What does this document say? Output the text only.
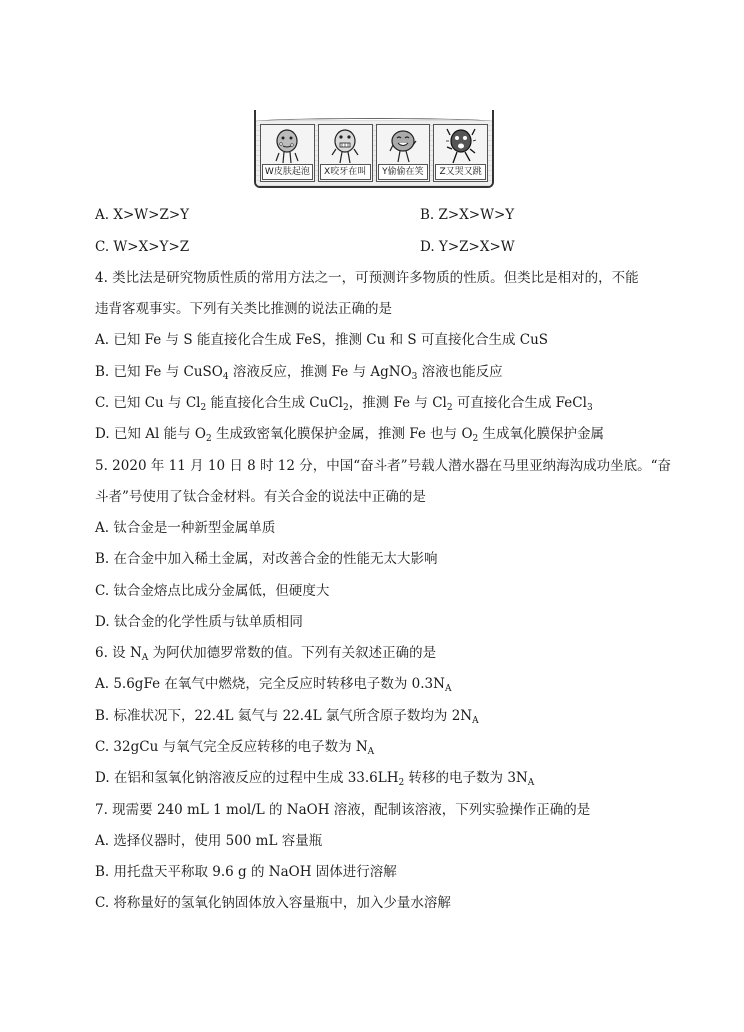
W皮肤起泡	X咬牙在叫	Y偷偷在笑	Z又哭又跳
A. X>W>Z>Y	B. Z>X>W>Y
C. W>X>Y>Z	D. Y>Z>X>W
4. 类比法是研究物质性质的常用方法之一，可预测许多物质的性质。但类比是相对的，不能
违背客观事实。下列有关类比推测的说法正确的是
A. 已知 Fe 与 S 能直接化合生成 FeS，推测 Cu 和 S 可直接化合生成 CuS
B. 已知 Fe 与 CuSO$_4$ 溶液反应，推测 Fe 与 AgNO$_3$ 溶液也能反应
C. 已知 Cu 与 $Cl_2$ 能直接化合生成 CuCl$_2$，推测 Fe 与 $Cl_2$ 可直接化合生成 FeCl$_3$
D. 已知 Al 能与 $O_2$ 生成致密氧化膜保护金属，推测 Fe 也与 $O_2$ 生成氧化膜保护金属
5. 2020 年 11 月 10 日 8 时 12 分，中国“奋斗者”号载人潜水器在马里亚纳海沟成功坐底。“奋
斗者”号使用了钛合金材料。有关合金的说法中正确的是
A. 钛合金是一种新型金属单质
B. 在合金中加入稀土金属，对改善合金的性能无太大影响
C. 钛合金熔点比成分金属低，但硬度大
D. 钛合金的化学性质与钛单质相同
6. 设 $N_A$ 为阿伏加德罗常数的值。下列有关叙述正确的是
A. 5.6gFe 在氧气中燃烧，完全反应时转移电子数为 $0.3N_A$
B. 标准状况下，22.4L 氦气与 22.4L 氯气所含原子数均为 $2N_A$
C. 32gCu 与氧气完全反应转移的电子数为 $N_A$
D. 在铝和氢氧化钠溶液反应的过程中生成 $33.6LH_2$ 转移的电子数为 $3N_A$
7. 现需要 240 mL 1 mol/L 的 NaOH 溶液，配制该溶液，下列实验操作正确的是
A. 选择仪器时，使用 500 mL 容量瓶
B. 用托盘天平称取 9.6 g 的 NaOH 固体进行溶解
C. 将称量好的氢氧化钠固体放入容量瓶中，加入少量水溶解
